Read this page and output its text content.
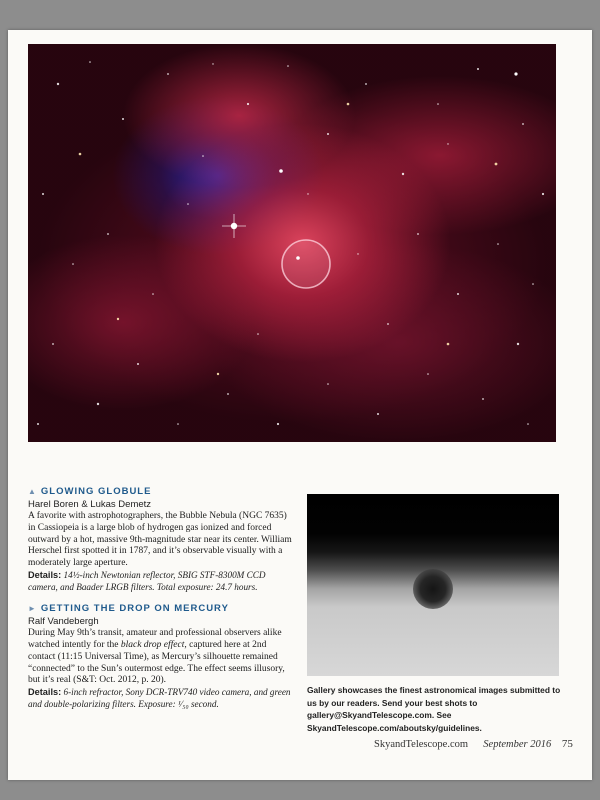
▲ GLOWING GLOBULE

Harel Boren & Lukas Demetz

A favorite with astrophotographers, the Bubble Nebula (NGC 7635) in Cassiopeia is a large blob of hydrogen gas ionized and forced outward by a hot, massive 9th-magnitude star near its center. William Herschel first spotted it in 1787, and it’s observable visually with a moderately large aperture.

Details: 14½-inch Newtonian reflector, SBIG STF-8300M CCD camera, and Baader LRGB filters. Total exposure: 24.7 hours.

► GETTING THE DROP ON MERCURY

Ralf Vandebergh

During May 9th’s transit, amateur and professional observers alike watched intently for the black drop effect, captured here at 2nd contact (11:15 Universal Time), as Mercury’s silhouette remained “connected” to the Sun’s outermost edge. The effect seems illusory, but it’s real (S&T: Oct. 2012, p. 20).

Details: 6-inch refractor, Sony DCR-TRV740 video camera, and green and double-polarizing filters. Exposure: ¹⁄₅₀ second.

Gallery showcases the finest astronomical images submitted to us by our readers. Send your best shots to gallery@SkyandTelescope.com. See SkyandTelescope.com/aboutsky/guidelines.

SkyandTelescope.com September 2016 75
